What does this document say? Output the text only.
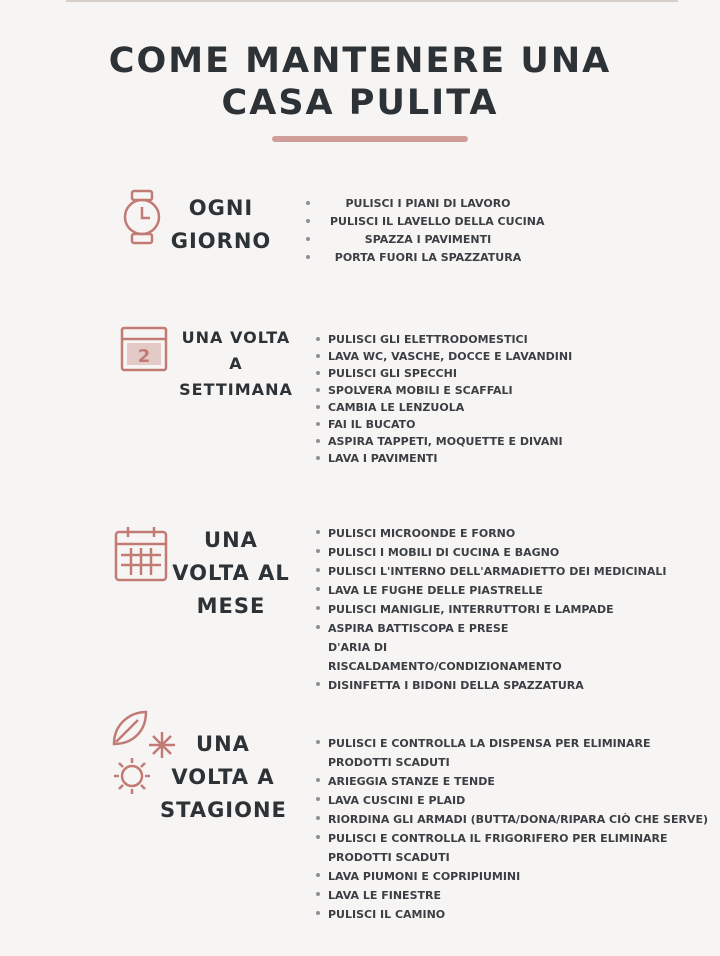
COME MANTENERE UNA CASA PULITA
OGNI GIORNO
PULISCI I PIANI DI LAVORO
PULISCI IL LAVELLO DELLA CUCINA
SPAZZA I PAVIMENTI
PORTA FUORI LA SPAZZATURA
2
UNA VOLTA A SETTIMANA
PULISCI GLI ELETTRODOMESTICI
LAVA WC, VASCHE, DOCCE E LAVANDINI
PULISCI GLI SPECCHI
SPOLVERA MOBILI E SCAFFALI
CAMBIA LE LENZUOLA
FAI IL BUCATO
ASPIRA TAPPETI, MOQUETTE E DIVANI
LAVA I PAVIMENTI
UNA VOLTA AL MESE
PULISCI MICROONDE E FORNO
PULISCI I MOBILI DI CUCINA E BAGNO
PULISCI L'INTERNO DELL'ARMADIETTO DEI MEDICINALI
LAVA LE FUGHE DELLE PIASTRELLE
PULISCI MANIGLIE, INTERRUTTORI E LAMPADE
ASPIRA BATTISCOPA E PRESE D'ARIA DI RISCALDAMENTO/CONDIZIONAMENTO
DISINFETTA I BIDONI DELLA SPAZZATURA
UNA VOLTA A STAGIONE
PULISCI E CONTROLLA LA DISPENSA PER ELIMINARE PRODOTTI SCADUTI
ARIEGGIA STANZE E TENDE
LAVA CUSCINI E PLAID
RIORDINA GLI ARMADI (BUTTA/DONA/RIPARA CIÒ CHE SERVE)
PULISCI E CONTROLLA IL FRIGORIFERO PER ELIMINARE PRODOTTI SCADUTI
LAVA PIUMONI E COPRIPIUMINI
LAVA LE FINESTRE
PULISCI IL CAMINO
